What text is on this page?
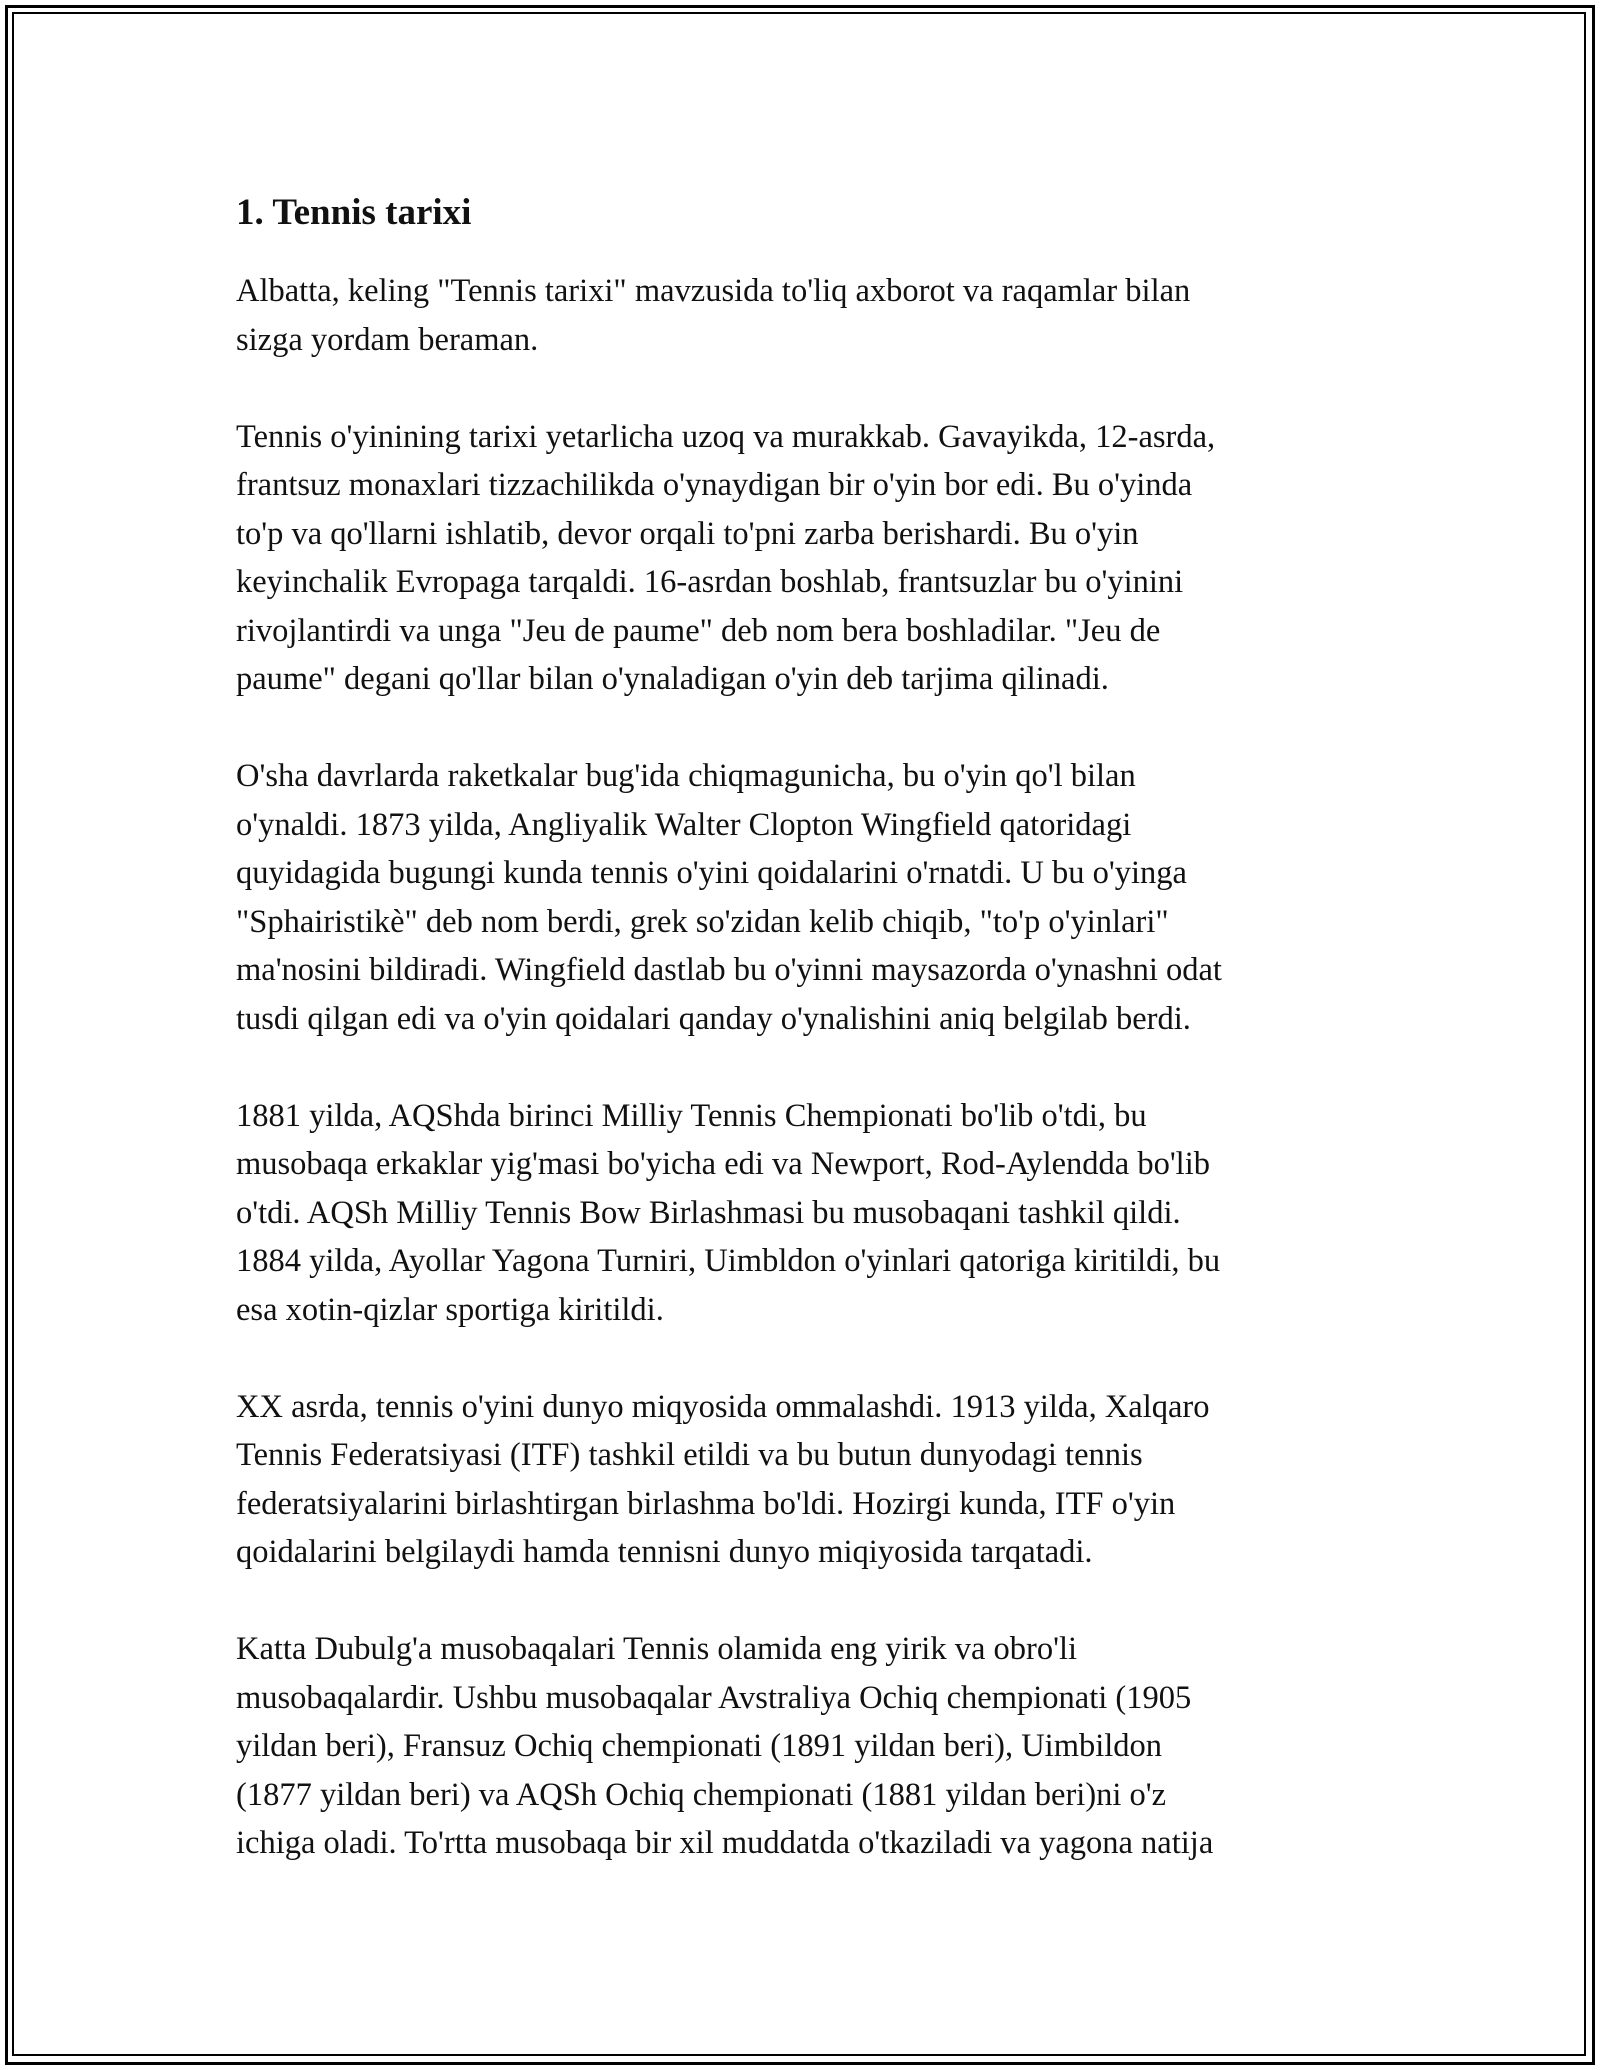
1. Tennis tarixi

Albatta, keling "Tennis tarixi" mavzusida to'liq axborot va raqamlar bilan
sizga yordam beraman.

Tennis o'yinining tarixi yetarlicha uzoq va murakkab. Gavayikda, 12-asrda,
frantsuz monaxlari tizzachilikda o'ynaydigan bir o'yin bor edi. Bu o'yinda
to'p va qo'llarni ishlatib, devor orqali to'pni zarba berishardi. Bu o'yin
keyinchalik Evropaga tarqaldi. 16-asrdan boshlab, frantsuzlar bu o'yinini
rivojlantirdi va unga "Jeu de paume" deb nom bera boshladilar. "Jeu de
paume" degani qo'llar bilan o'ynaladigan o'yin deb tarjima qilinadi.

O'sha davrlarda raketkalar bug'ida chiqmagunicha, bu o'yin qo'l bilan
o'ynaldi. 1873 yilda, Angliyalik Walter Clopton Wingfield qatoridagi
quyidagida bugungi kunda tennis o'yini qoidalarini o'rnatdi. U bu o'yinga
"Sphairistikè" deb nom berdi, grek so'zidan kelib chiqib, "to'p o'yinlari"
ma'nosini bildiradi. Wingfield dastlab bu o'yinni maysazorda o'ynashni odat
tusdi qilgan edi va o'yin qoidalari qanday o'ynalishini aniq belgilab berdi.

1881 yilda, AQShda birinci Milliy Tennis Chempionati bo'lib o'tdi, bu
musobaqa erkaklar yig'masi bo'yicha edi va Newport, Rod-Aylendda bo'lib
o'tdi. AQSh Milliy Tennis Bow Birlashmasi bu musobaqani tashkil qildi.
1884 yilda, Ayollar Yagona Turniri, Uimbldon o'yinlari qatoriga kiritildi, bu
esa xotin-qizlar sportiga kiritildi.

XX asrda, tennis o'yini dunyo miqyosida ommalashdi. 1913 yilda, Xalqaro
Tennis Federatsiyasi (ITF) tashkil etildi va bu butun dunyodagi tennis
federatsiyalarini birlashtirgan birlashma bo'ldi. Hozirgi kunda, ITF o'yin
qoidalarini belgilaydi hamda tennisni dunyo miqiyosida tarqatadi.

Katta Dubulg'a musobaqalari Tennis olamida eng yirik va obro'li
musobaqalardir. Ushbu musobaqalar Avstraliya Ochiq chempionati (1905
yildan beri), Fransuz Ochiq chempionati (1891 yildan beri), Uimbildon
(1877 yildan beri) va AQSh Ochiq chempionati (1881 yildan beri)ni o'z
ichiga oladi. To'rtta musobaqa bir xil muddatda o'tkaziladi va yagona natija
